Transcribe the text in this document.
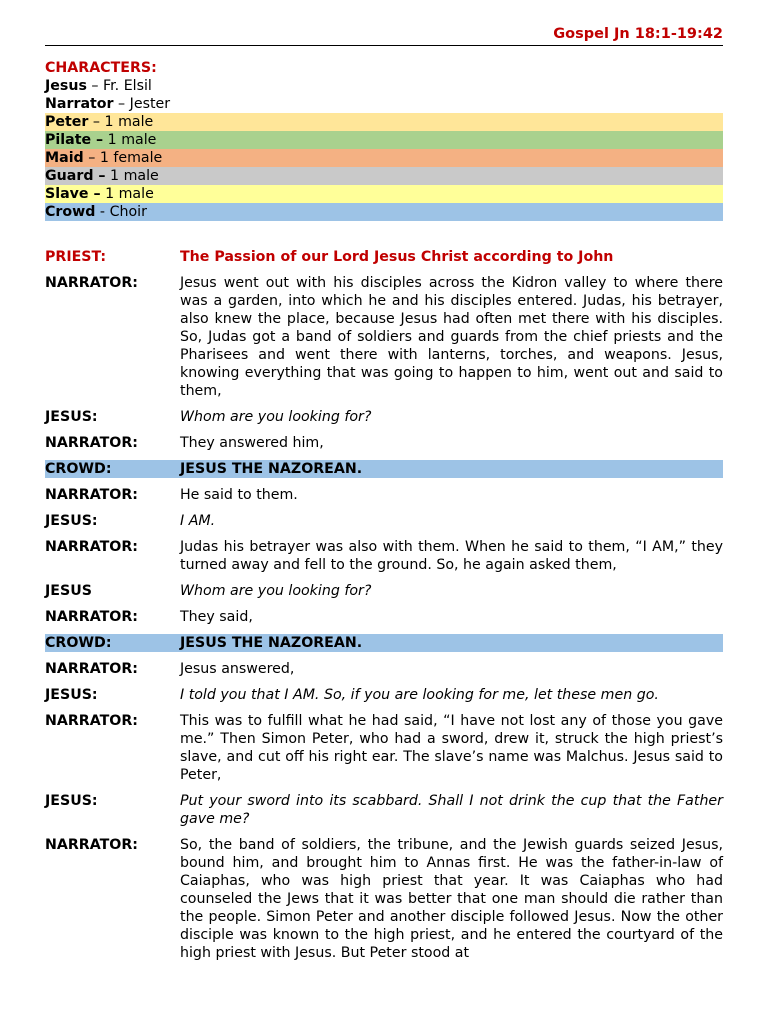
Gospel Jn 18:1-19:42
CHARACTERS:
Jesus – Fr. Elsil
Narrator – Jester
Peter – 1 male
Pilate – 1 male
Maid – 1 female
Guard – 1 male
Slave – 1 male
Crowd - Choir
PRIEST:	The Passion of our Lord Jesus Christ according to John
NARRATOR:	Jesus went out with his disciples across the Kidron valley to where there was a garden, into which he and his disciples entered. Judas, his betrayer, also knew the place, because Jesus had often met there with his disciples. So, Judas got a band of soldiers and guards from the chief priests and the Pharisees and went there with lanterns, torches, and weapons. Jesus, knowing everything that was going to happen to him, went out and said to them,
JESUS:	Whom are you looking for?
NARRATOR:	They answered him,
CROWD:	JESUS THE NAZOREAN.
NARRATOR:	He said to them.
JESUS:	I AM.
NARRATOR:	Judas his betrayer was also with them. When he said to them, “I AM,” they turned away and fell to the ground. So, he again asked them,
JESUS	Whom are you looking for?
NARRATOR:	They said,
CROWD:	JESUS THE NAZOREAN.
NARRATOR:	Jesus answered,
JESUS:	I told you that I AM. So, if you are looking for me, let these men go.
NARRATOR:	This was to fulfill what he had said, “I have not lost any of those you gave me.” Then Simon Peter, who had a sword, drew it, struck the high priest’s slave, and cut off his right ear. The slave’s name was Malchus. Jesus said to Peter,
JESUS:	Put your sword into its scabbard. Shall I not drink the cup that the Father gave me?
NARRATOR:	So, the band of soldiers, the tribune, and the Jewish guards seized Jesus, bound him, and brought him to Annas first. He was the father-in-law of Caiaphas, who was high priest that year. It was Caiaphas who had counseled the Jews that it was better that one man should die rather than the people. Simon Peter and another disciple followed Jesus. Now the other disciple was known to the high priest, and he entered the courtyard of the high priest with Jesus. But Peter stood at
